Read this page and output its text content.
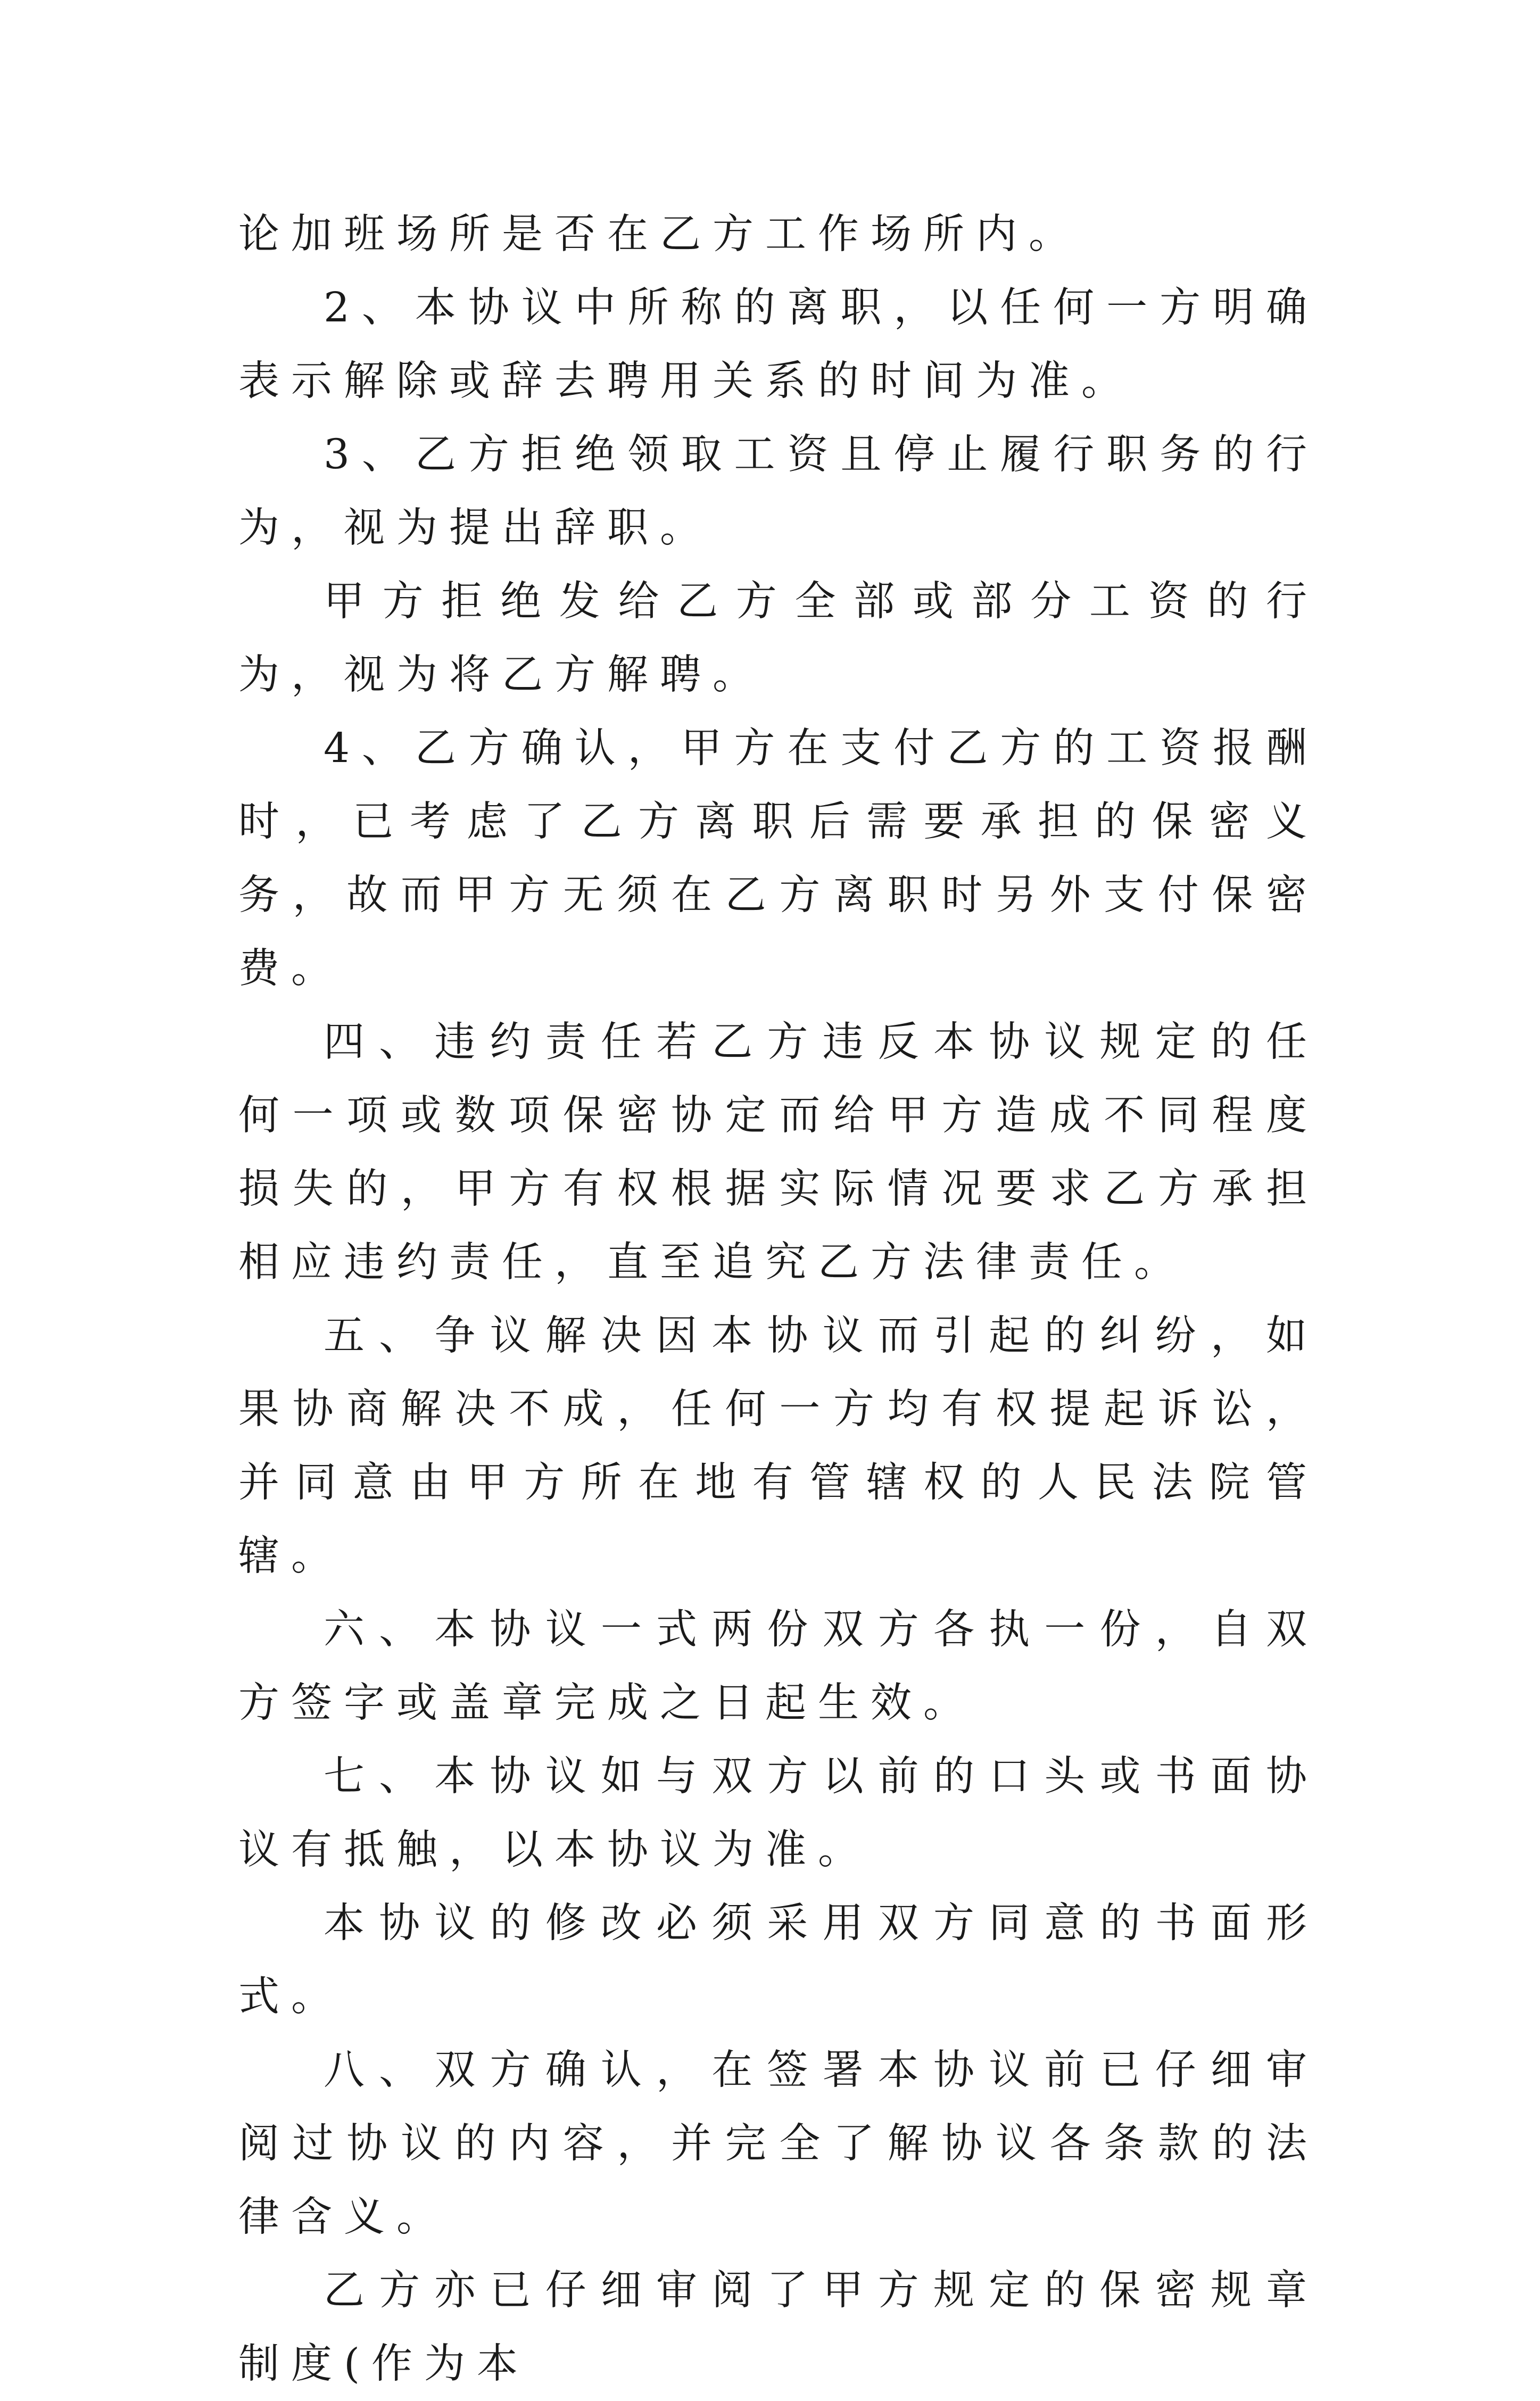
论加班场所是否在乙方工作场所内。

2、本协议中所称的离职，以任何一方明确表示解除或辞去聘用关系的时间为准。

3、乙方拒绝领取工资且停止履行职务的行为，视为提出辞职。

甲方拒绝发给乙方全部或部分工资的行为，视为将乙方解聘。

4、乙方确认，甲方在支付乙方的工资报酬时，已考虑了乙方离职后需要承担的保密义务，故而甲方无须在乙方离职时另外支付保密费。

四、违约责任若乙方违反本协议规定的任何一项或数项保密协定而给甲方造成不同程度损失的，甲方有权根据实际情况要求乙方承担相应违约责任，直至追究乙方法律责任。

五、争议解决因本协议而引起的纠纷，如果协商解决不成，任何一方均有权提起诉讼，并同意由甲方所在地有管辖权的人民法院管辖。

六、本协议一式两份双方各执一份，自双方签字或盖章完成之日起生效。

七、本协议如与双方以前的口头或书面协议有抵触，以本协议为准。

本协议的修改必须采用双方同意的书面形式。

八、双方确认，在签署本协议前已仔细审阅过协议的内容，并完全了解协议各条款的法律含义。

乙方亦已仔细审阅了甲方规定的保密规章制度(作为本
